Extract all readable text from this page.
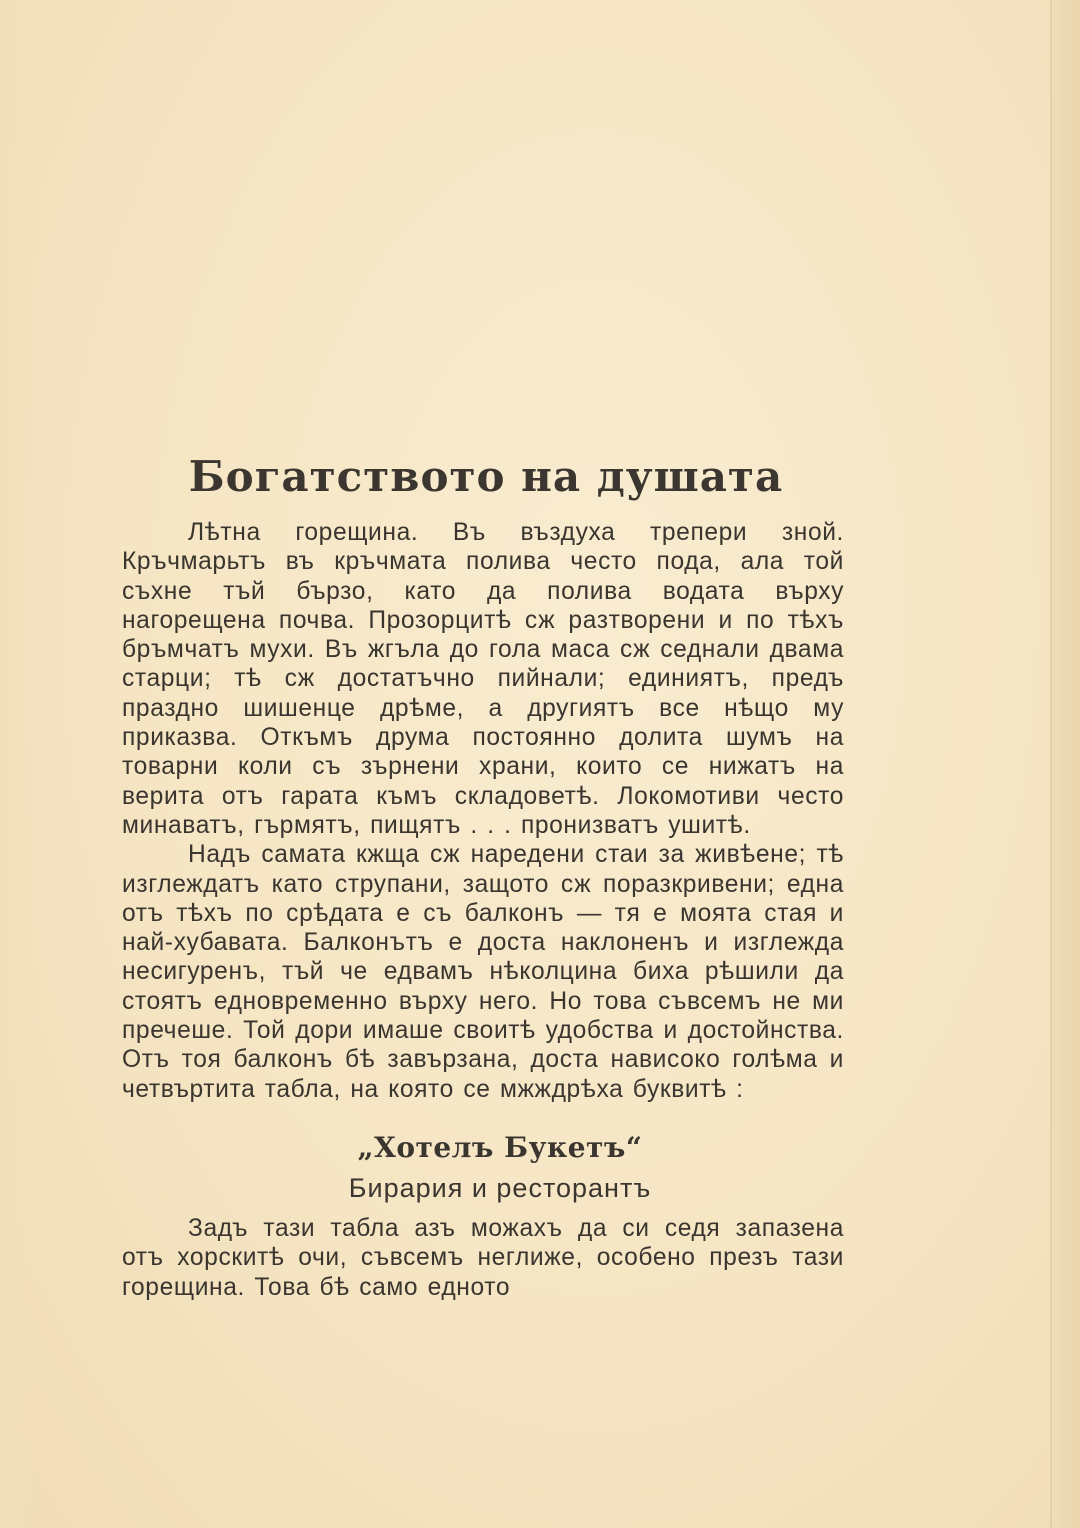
Богатството на душата

Лѣтна горещина. Въ въздуха трепери зной. Кръчмарьтъ въ кръчмата полива често пода, ала той съхне тъй бързо, като да полива водата върху нагорещена почва. Прозорцитѣ сж разтворени и по тѣхъ бръмчатъ мухи. Въ жгъла до гола маса сж седнали двама старци; тѣ сж достатъчно пийнали; единиятъ, предъ праздно шишенце дрѣме, а другиятъ все нѣщо му приказва. Откъмъ друма постоянно долита шумъ на товарни коли съ зърнени храни, които се нижатъ на верита отъ гарата къмъ складоветѣ. Локомотиви често минаватъ, гърмятъ, пищятъ . . . пронизватъ ушитѣ.

Надъ самата кжща сж наредени стаи за живѣене; тѣ изглеждатъ като струпани, защото сж поразкривени; една отъ тѣхъ по срѣдата е съ балконъ — тя е моята стая и най-хубавата. Балконътъ е доста наклоненъ и изглежда несигуренъ, тъй че едвамъ нѣколцина биха рѣшили да стоятъ едновременно върху него. Но това съвсемъ не ми пречеше. Той дори имаше своитѣ удобства и достойнства. Отъ тоя балконъ бѣ завързана, доста нависоко голѣма и четвъртита табла, на която се мжждрѣха буквитѣ :

„Хотелъ Букетъ“
Бирария и ресторантъ

Задъ тази табла азъ можахъ да си седя запазена отъ хорскитѣ очи, съвсемъ неглиже, особено презъ тази горещина. Това бѣ само едното
